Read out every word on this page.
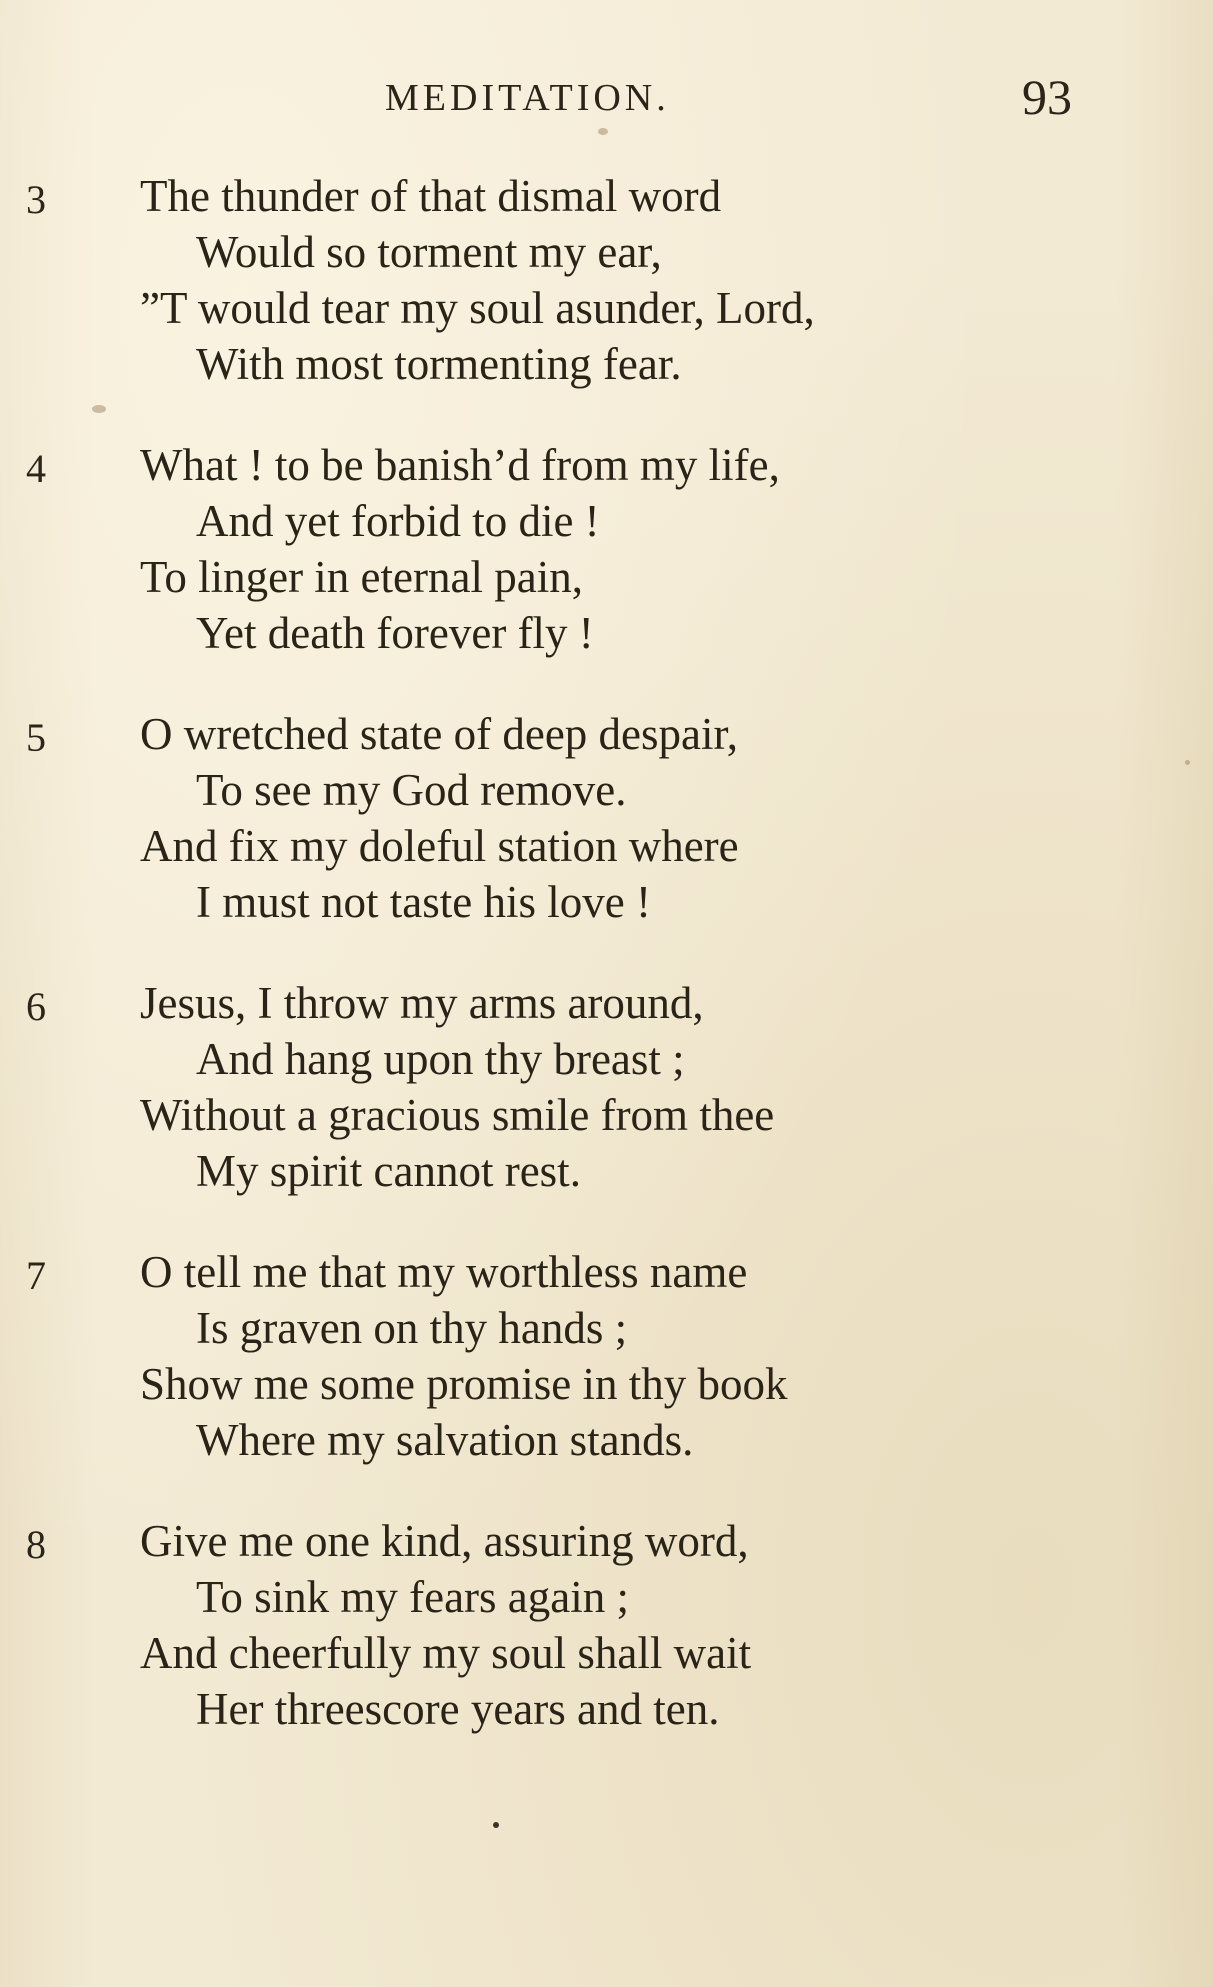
MEDITATION.	93
3 The thunder of that dismal word
Would so torment my ear,
”T would tear my soul asunder, Lord,
With most tormenting fear.
4 What ! to be banish’d from my life,
And yet forbid to die !
To linger in eternal pain,
Yet death forever fly !
5 O wretched state of deep despair,
To see my God remove.
And fix my doleful station where
I must not taste his love !
6 Jesus, I throw my arms around,
And hang upon thy breast ;
Without a gracious smile from thee
My spirit cannot rest.
7 O tell me that my worthless name
Is graven on thy hands ;
Show me some promise in thy book
Where my salvation stands.
8 Give me one kind, assuring word,
To sink my fears again ;
And cheerfully my soul shall wait
Her threescore years and ten.
